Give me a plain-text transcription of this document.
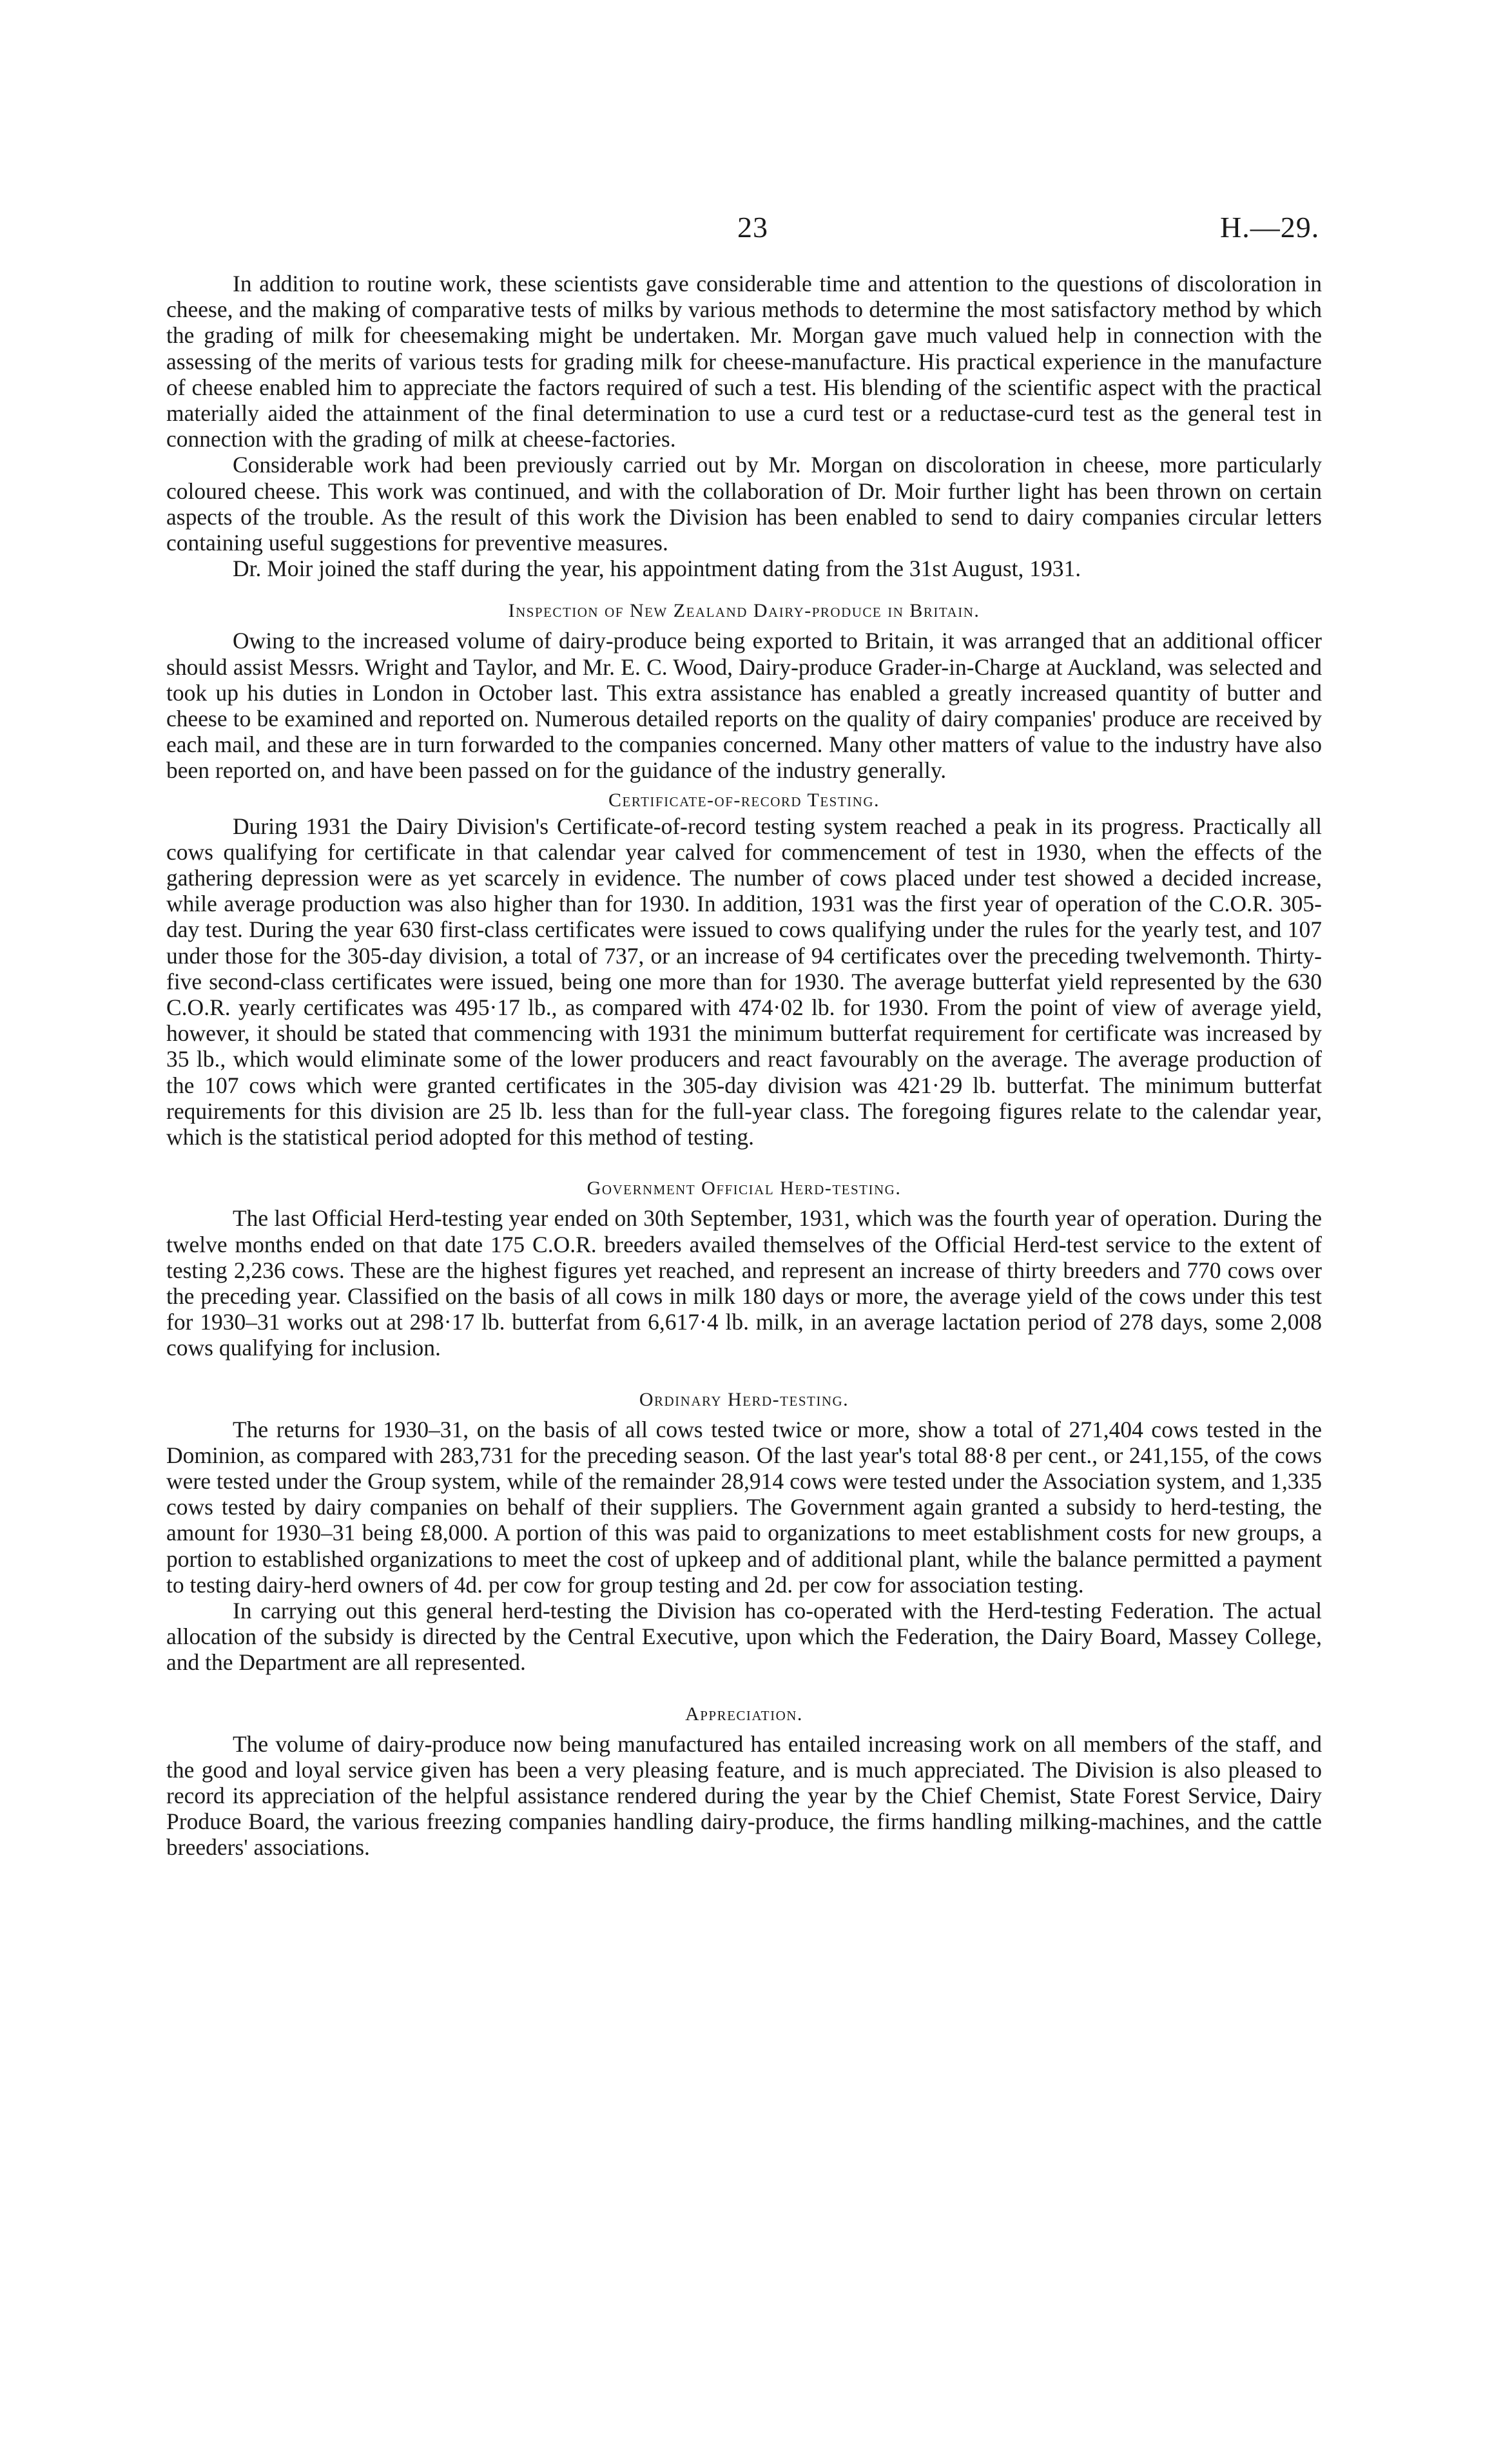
23	H.—29.

In addition to routine work, these scientists gave considerable time and attention to the questions of discoloration in cheese, and the making of comparative tests of milks by various methods to determine the most satisfactory method by which the grading of milk for cheesemaking might be undertaken. Mr. Morgan gave much valued help in connection with the assessing of the merits of various tests for grading milk for cheese-manufacture. His practical experience in the manufacture of cheese enabled him to appreciate the factors required of such a test. His blending of the scientific aspect with the practical materially aided the attainment of the final determination to use a curd test or a reductase-curd test as the general test in connection with the grading of milk at cheese-factories.

Considerable work had been previously carried out by Mr. Morgan on discoloration in cheese, more particularly coloured cheese. This work was continued, and with the collaboration of Dr. Moir further light has been thrown on certain aspects of the trouble. As the result of this work the Division has been enabled to send to dairy companies circular letters containing useful suggestions for preventive measures.

Dr. Moir joined the staff during the year, his appointment dating from the 31st August, 1931.

Inspection of New Zealand Dairy-produce in Britain.

Owing to the increased volume of dairy-produce being exported to Britain, it was arranged that an additional officer should assist Messrs. Wright and Taylor, and Mr. E. C. Wood, Dairy-produce Grader-in-Charge at Auckland, was selected and took up his duties in London in October last. This extra assistance has enabled a greatly increased quantity of butter and cheese to be examined and reported on. Numerous detailed reports on the quality of dairy companies' produce are received by each mail, and these are in turn forwarded to the companies concerned. Many other matters of value to the industry have also been reported on, and have been passed on for the guidance of the industry generally.

Certificate-of-record Testing.

During 1931 the Dairy Division's Certificate-of-record testing system reached a peak in its progress. Practically all cows qualifying for certificate in that calendar year calved for commencement of test in 1930, when the effects of the gathering depression were as yet scarcely in evidence. The number of cows placed under test showed a decided increase, while average production was also higher than for 1930. In addition, 1931 was the first year of operation of the C.O.R. 305-day test. During the year 630 first-class certificates were issued to cows qualifying under the rules for the yearly test, and 107 under those for the 305-day division, a total of 737, or an increase of 94 certificates over the preceding twelvemonth. Thirty-five second-class certificates were issued, being one more than for 1930. The average butterfat yield represented by the 630 C.O.R. yearly certificates was 495·17 lb., as compared with 474·02 lb. for 1930. From the point of view of average yield, however, it should be stated that commencing with 1931 the minimum butterfat requirement for certificate was increased by 35 lb., which would eliminate some of the lower producers and react favourably on the average. The average production of the 107 cows which were granted certificates in the 305-day division was 421·29 lb. butterfat. The minimum butterfat requirements for this division are 25 lb. less than for the full-year class. The foregoing figures relate to the calendar year, which is the statistical period adopted for this method of testing.

Government Official Herd-testing.

The last Official Herd-testing year ended on 30th September, 1931, which was the fourth year of operation. During the twelve months ended on that date 175 C.O.R. breeders availed themselves of the Official Herd-test service to the extent of testing 2,236 cows. These are the highest figures yet reached, and represent an increase of thirty breeders and 770 cows over the preceding year. Classified on the basis of all cows in milk 180 days or more, the average yield of the cows under this test for 1930–31 works out at 298·17 lb. butterfat from 6,617·4 lb. milk, in an average lactation period of 278 days, some 2,008 cows qualifying for inclusion.

Ordinary Herd-testing.

The returns for 1930–31, on the basis of all cows tested twice or more, show a total of 271,404 cows tested in the Dominion, as compared with 283,731 for the preceding season. Of the last year's total 88·8 per cent., or 241,155, of the cows were tested under the Group system, while of the remainder 28,914 cows were tested under the Association system, and 1,335 cows tested by dairy companies on behalf of their suppliers. The Government again granted a subsidy to herd-testing, the amount for 1930–31 being £8,000. A portion of this was paid to organizations to meet establishment costs for new groups, a portion to established organizations to meet the cost of upkeep and of additional plant, while the balance permitted a payment to testing dairy-herd owners of 4d. per cow for group testing and 2d. per cow for association testing.

In carrying out this general herd-testing the Division has co-operated with the Herd-testing Federation. The actual allocation of the subsidy is directed by the Central Executive, upon which the Federation, the Dairy Board, Massey College, and the Department are all represented.

Appreciation.

The volume of dairy-produce now being manufactured has entailed increasing work on all members of the staff, and the good and loyal service given has been a very pleasing feature, and is much appreciated. The Division is also pleased to record its appreciation of the helpful assistance rendered during the year by the Chief Chemist, State Forest Service, Dairy Produce Board, the various freezing companies handling dairy-produce, the firms handling milking-machines, and the cattle breeders' associations.
